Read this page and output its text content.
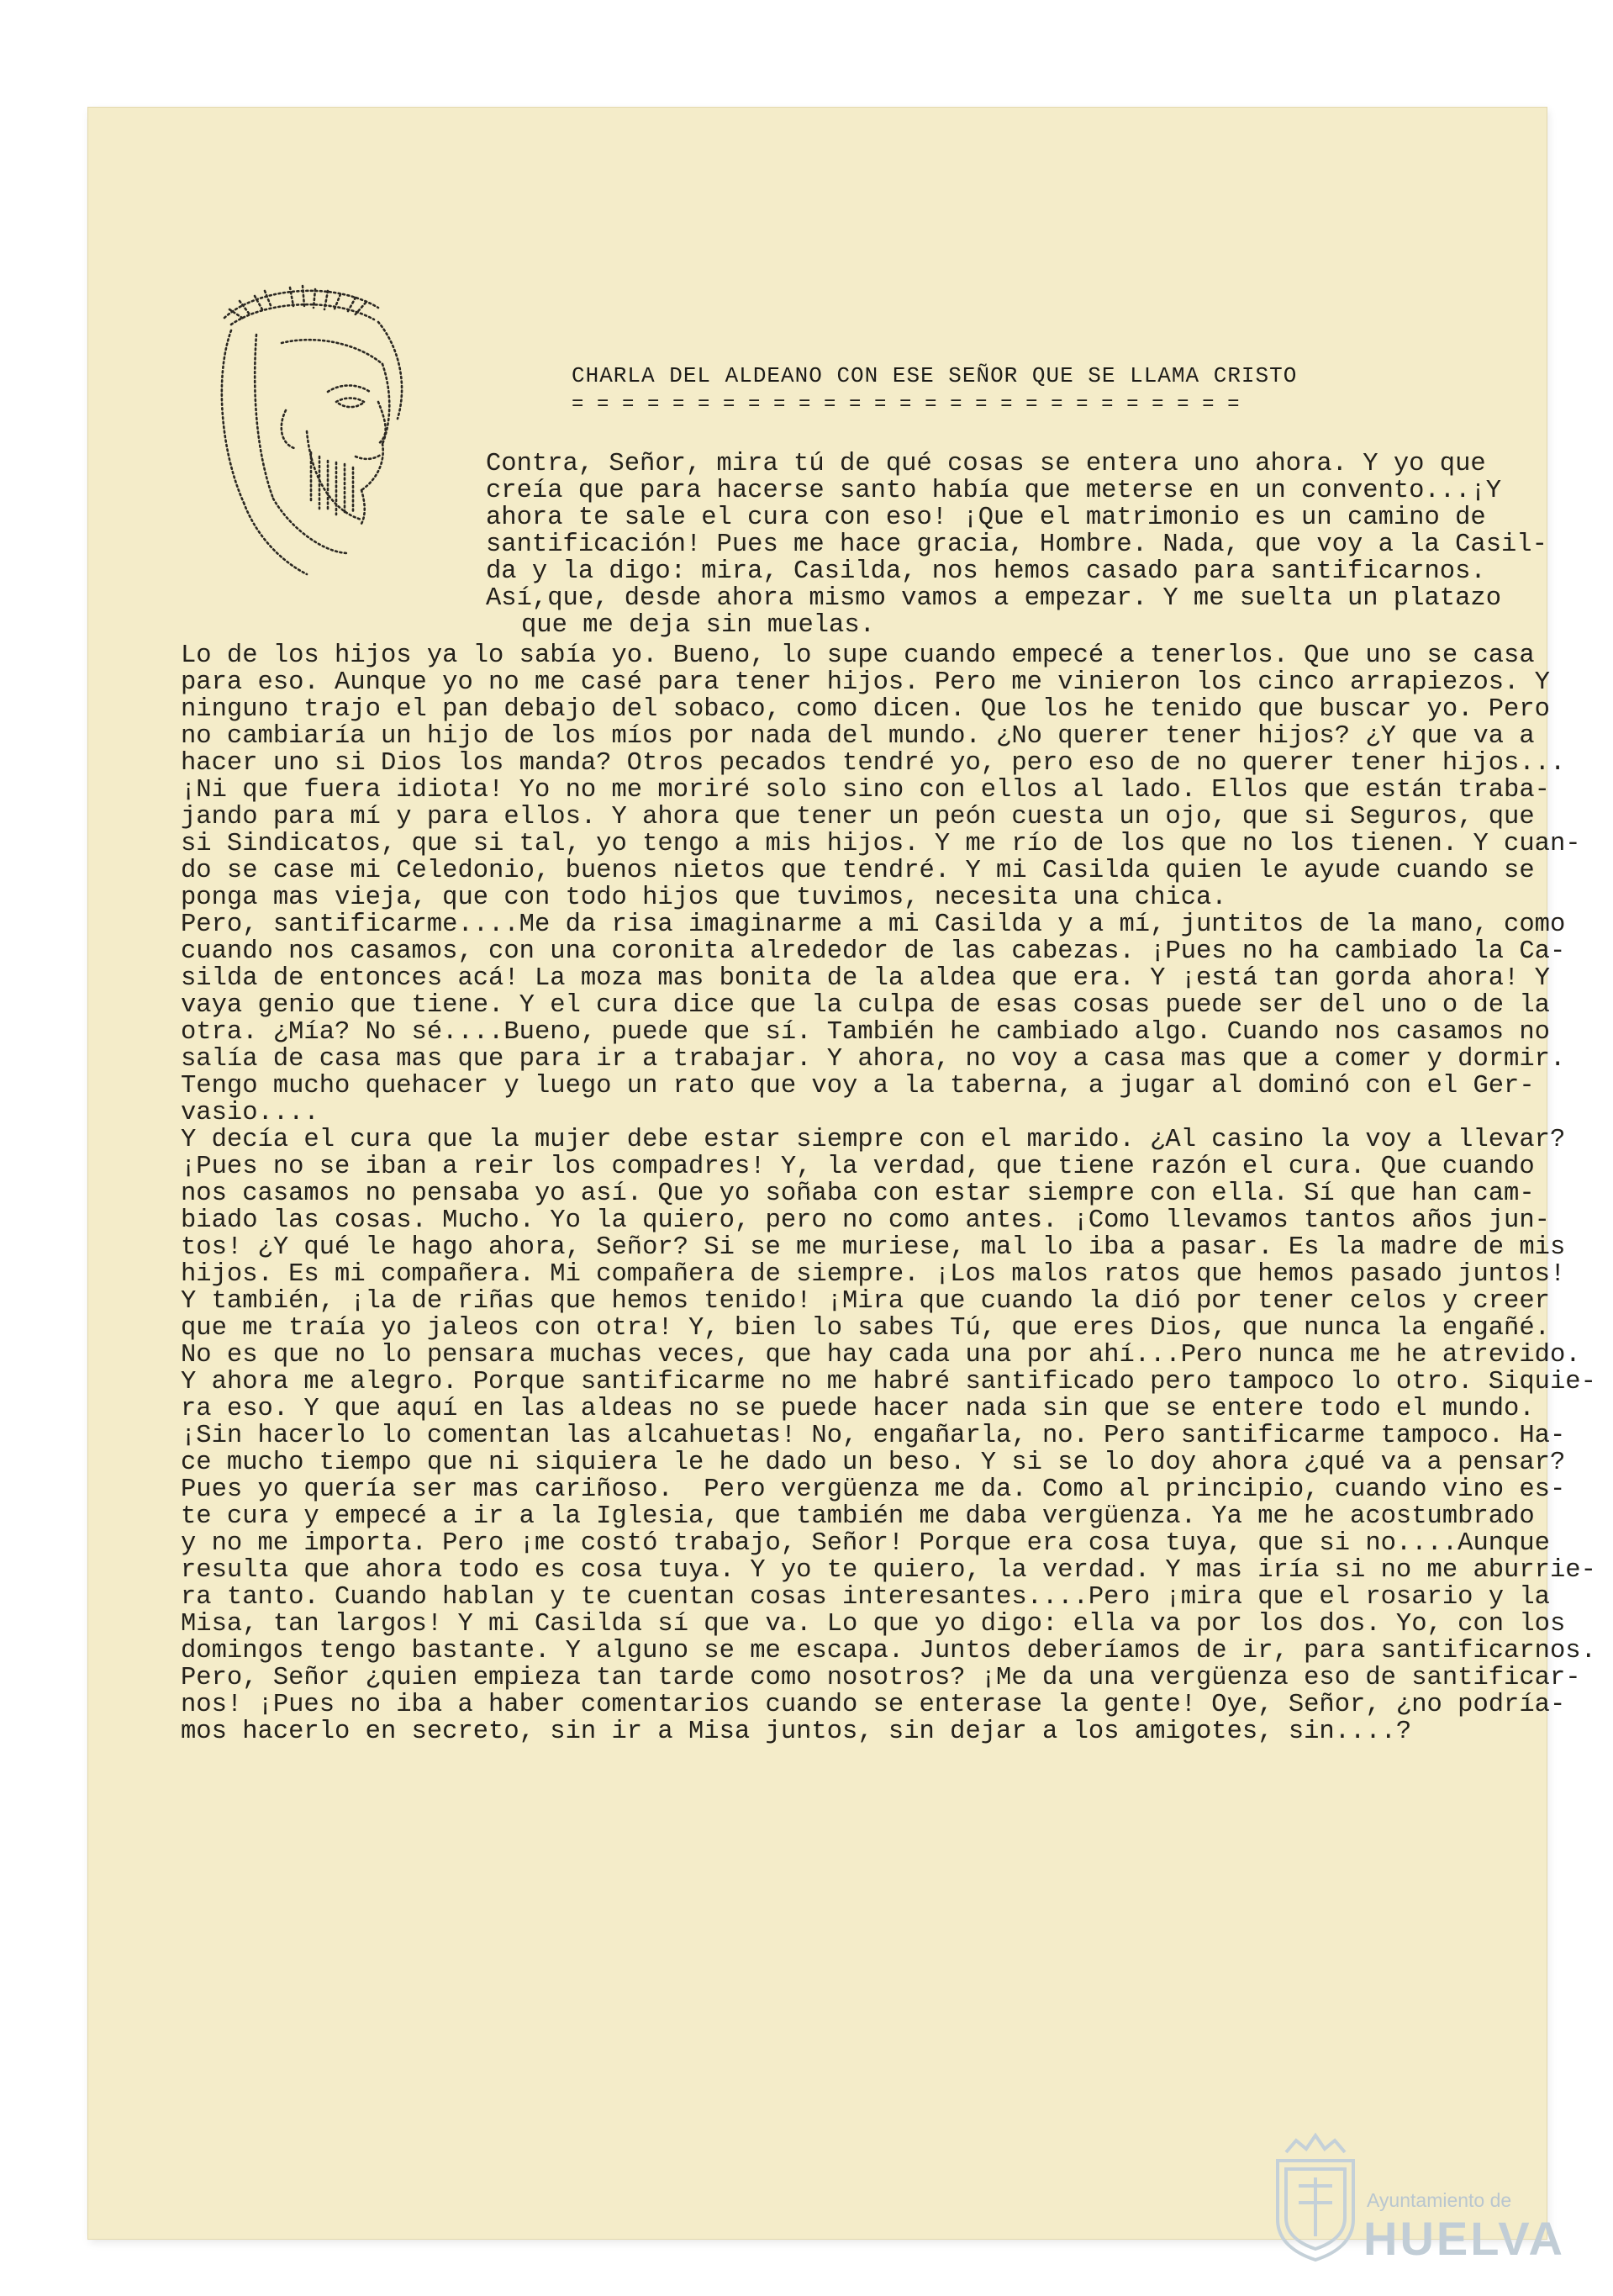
CHARLA DEL ALDEANO CON ESE SEÑOR QUE SE LLAMA CRISTO
= = = = = = = = = = = = = = = = = = = = = = = = = = =
Contra, Señor, mira tú de qué cosas se entera uno ahora. Y yo que
creía que para hacerse santo había que meterse en un convento...¡Y
ahora te sale el cura con eso! ¡Que el matrimonio es un camino de
santificación! Pues me hace gracia, Hombre. Nada, que voy a la Casil-
da y la digo: mira, Casilda, nos hemos casado para santificarnos.
Así,que, desde ahora mismo vamos a empezar. Y me suelta un platazo
que me deja sin muelas.
Lo de los hijos ya lo sabía yo. Bueno, lo supe cuando empecé a tenerlos. Que uno se casa
para eso. Aunque yo no me casé para tener hijos. Pero me vinieron los cinco arrapiezos. Y
ninguno trajo el pan debajo del sobaco, como dicen. Que los he tenido que buscar yo. Pero
no cambiaría un hijo de los míos por nada del mundo. ¿No querer tener hijos? ¿Y que va a
hacer uno si Dios los manda? Otros pecados tendré yo, pero eso de no querer tener hijos...
¡Ni que fuera idiota! Yo no me moriré solo sino con ellos al lado. Ellos que están traba-
jando para mí y para ellos. Y ahora que tener un peón cuesta un ojo, que si Seguros, que
si Sindicatos, que si tal, yo tengo a mis hijos. Y me río de los que no los tienen. Y cuan-
do se case mi Celedonio, buenos nietos que tendré. Y mi Casilda quien le ayude cuando se
ponga mas vieja, que con todo hijos que tuvimos, necesita una chica.
Pero, santificarme....Me da risa imaginarme a mi Casilda y a mí, juntitos de la mano, como
cuando nos casamos, con una coronita alrededor de las cabezas. ¡Pues no ha cambiado la Ca-
silda de entonces acá! La moza mas bonita de la aldea que era. Y ¡está tan gorda ahora! Y
vaya genio que tiene. Y el cura dice que la culpa de esas cosas puede ser del uno o de la
otra. ¿Mía? No sé....Bueno, puede que sí. También he cambiado algo. Cuando nos casamos no
salía de casa mas que para ir a trabajar. Y ahora, no voy a casa mas que a comer y dormir.
Tengo mucho quehacer y luego un rato que voy a la taberna, a jugar al dominó con el Ger-
vasio....
Y decía el cura que la mujer debe estar siempre con el marido. ¿Al casino la voy a llevar?
¡Pues no se iban a reir los compadres! Y, la verdad, que tiene razón el cura. Que cuando
nos casamos no pensaba yo así. Que yo soñaba con estar siempre con ella. Sí que han cam-
biado las cosas. Mucho. Yo la quiero, pero no como antes. ¡Como llevamos tantos años jun-
tos! ¿Y qué le hago ahora, Señor? Si se me muriese, mal lo iba a pasar. Es la madre de mis
hijos. Es mi compañera. Mi compañera de siempre. ¡Los malos ratos que hemos pasado juntos!
Y también, ¡la de riñas que hemos tenido! ¡Mira que cuando la dió por tener celos y creer
que me traía yo jaleos con otra! Y, bien lo sabes Tú, que eres Dios, que nunca la engañé.
No es que no lo pensara muchas veces, que hay cada una por ahí...Pero nunca me he atrevido.
Y ahora me alegro. Porque santificarme no me habré santificado pero tampoco lo otro. Siquie-
ra eso. Y que aquí en las aldeas no se puede hacer nada sin que se entere todo el mundo.
¡Sin hacerlo lo comentan las alcahuetas! No, engañarla, no. Pero santificarme tampoco. Ha-
ce mucho tiempo que ni siquiera le he dado un beso. Y si se lo doy ahora ¿qué va a pensar?
Pues yo quería ser mas cariñoso.  Pero vergüenza me da. Como al principio, cuando vino es-
te cura y empecé a ir a la Iglesia, que también me daba vergüenza. Ya me he acostumbrado
y no me importa. Pero ¡me costó trabajo, Señor! Porque era cosa tuya, que si no....Aunque
resulta que ahora todo es cosa tuya. Y yo te quiero, la verdad. Y mas iría si no me aburrie-
ra tanto. Cuando hablan y te cuentan cosas interesantes....Pero ¡mira que el rosario y la
Misa, tan largos! Y mi Casilda sí que va. Lo que yo digo: ella va por los dos. Yo, con los
domingos tengo bastante. Y alguno se me escapa. Juntos deberíamos de ir, para santificarnos.
Pero, Señor ¿quien empieza tan tarde como nosotros? ¡Me da una vergüenza eso de santificar-
nos! ¡Pues no iba a haber comentarios cuando se enterase la gente! Oye, Señor, ¿no podría-
mos hacerlo en secreto, sin ir a Misa juntos, sin dejar a los amigotes, sin....?
Ayuntamiento de
HUELVA
